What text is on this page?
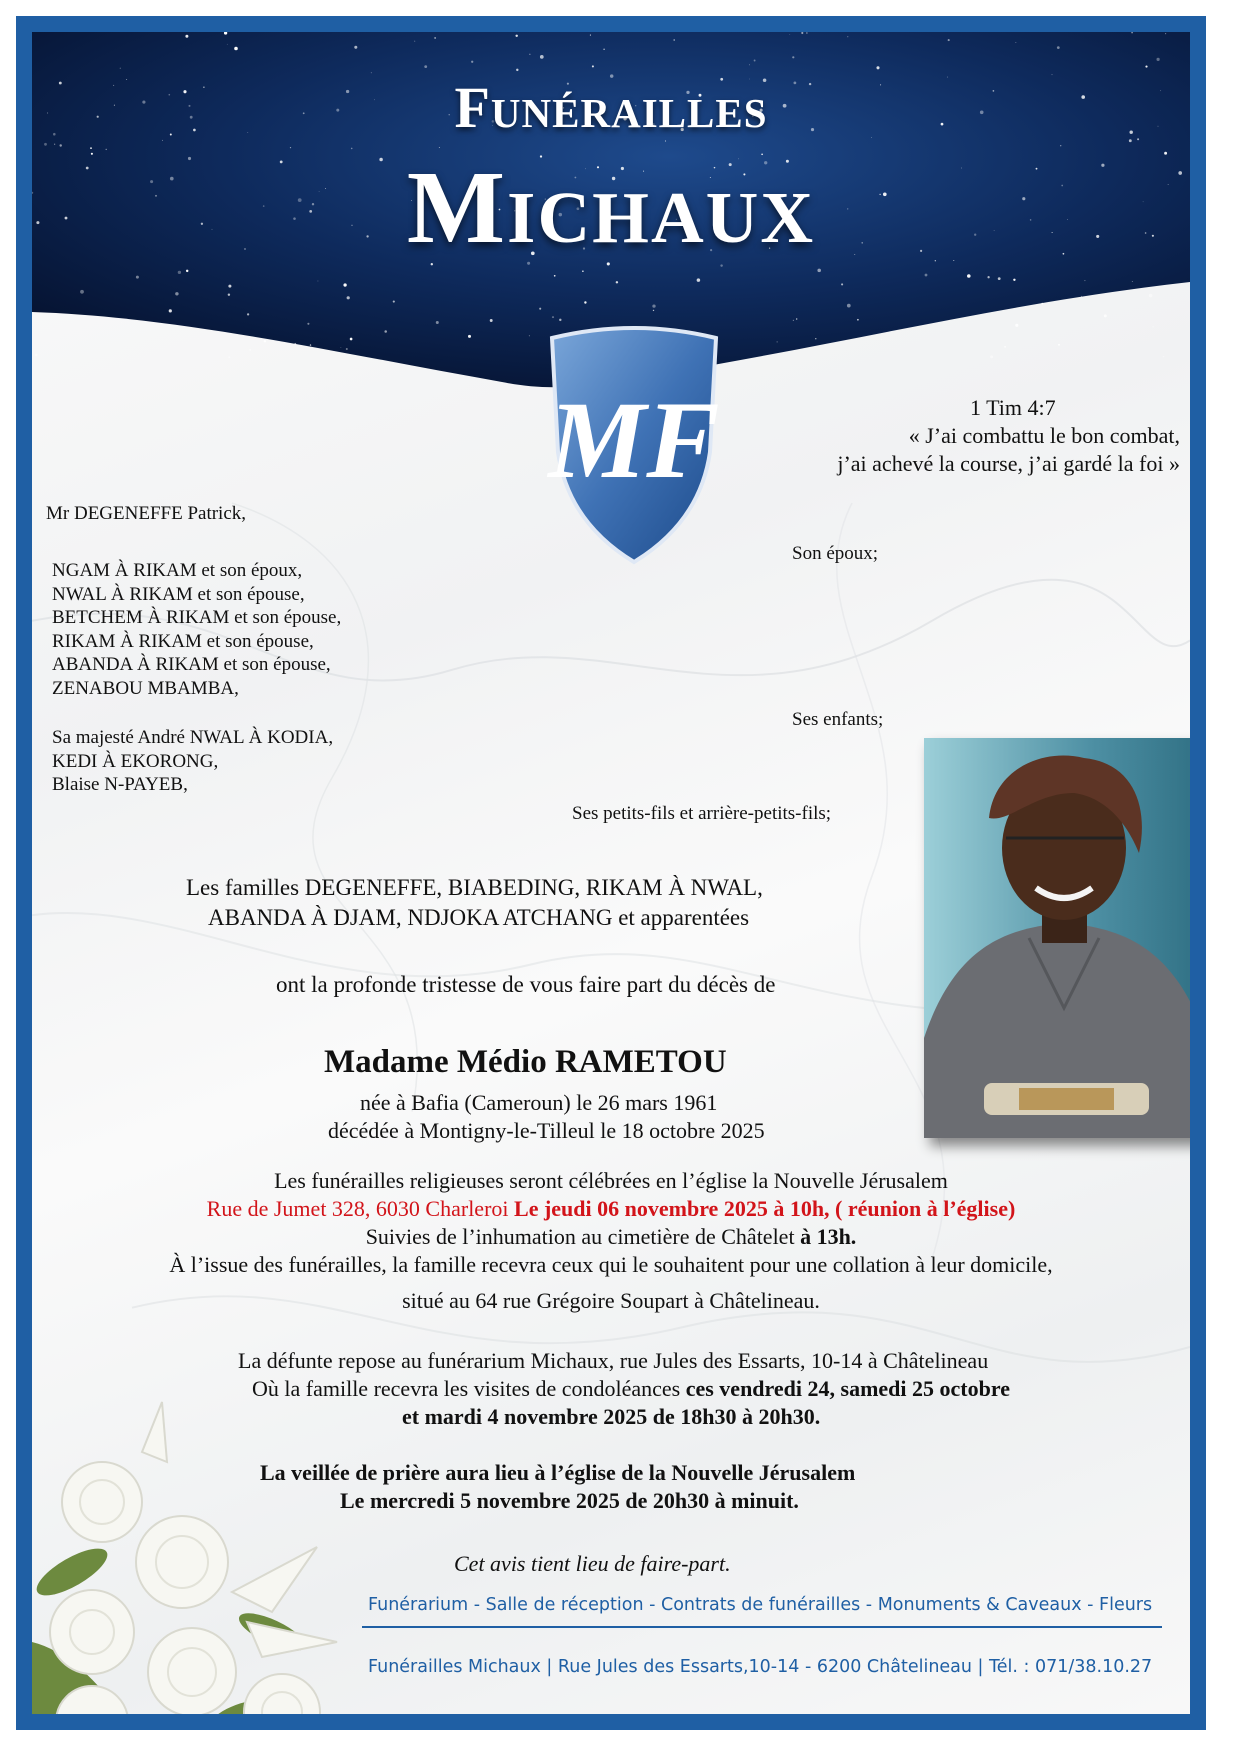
Funérailles
Michaux
MF	1 Tim 4:7
« J’ai combattu le bon combat,
j’ai achevé la course, j’ai gardé la foi »
Mr DEGENEFFE Patrick,
Son époux;
NGAM À RIKAM et son époux,
NWAL À RIKAM et son épouse,
BETCHEM À RIKAM et son épouse,
RIKAM À RIKAM et son épouse,
ABANDA À RIKAM et son épouse,
ZENABOU MBAMBA,
Ses enfants;
Sa majesté André NWAL À KODIA,
KEDI À EKORONG,
Blaise N-PAYEB,
Ses petits-fils et arrière-petits-fils;
Les familles DEGENEFFE, BIABEDING, RIKAM À NWAL,
ABANDA À DJAM, NDJOKA ATCHANG et apparentées
ont la profonde tristesse de vous faire part du décès de
Madame Médio RAMETOU
née à Bafia (Cameroun) le 26 mars 1961
décédée à Montigny-le-Tilleul le 18 octobre 2025
Les funérailles religieuses seront célébrées en l’église la Nouvelle Jérusalem
Rue de Jumet 328, 6030 Charleroi Le jeudi 06 novembre 2025 à 10h, ( réunion à l’église)
Suivies de l’inhumation au cimetière de Châtelet à 13h.
À l’issue des funérailles, la famille recevra ceux qui le souhaitent pour une collation à leur domicile,
situé au 64 rue Grégoire Soupart à Châtelineau.
La défunte repose au funérarium Michaux, rue Jules des Essarts, 10-14 à Châtelineau
Où la famille recevra les visites de condoléances ces vendredi 24, samedi 25 octobre
et mardi 4 novembre 2025 de 18h30 à 20h30.
La veillée de prière aura lieu à l’église de la Nouvelle Jérusalem
Le mercredi 5 novembre 2025 de 20h30 à minuit.
Cet avis tient lieu de faire-part.
Funérarium - Salle de réception - Contrats de funérailles - Monuments & Caveaux - Fleurs
Funérailles Michaux | Rue Jules des Essarts,10-14 - 6200 Châtelineau | Tél. : 071/38.10.27
